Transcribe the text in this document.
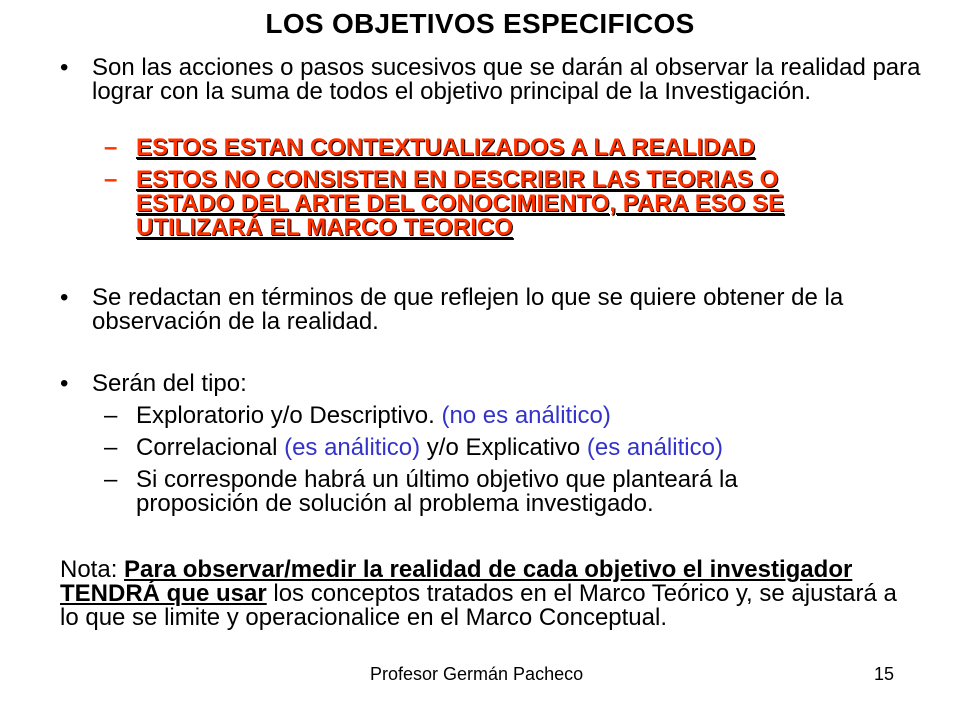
LOS OBJETIVOS ESPECIFICOS
• Son las acciones o pasos sucesivos que se darán al observar la realidad para lograr con la suma de todos el objetivo principal de la Investigación.
– ESTOS ESTAN CONTEXTUALIZADOS A LA REALIDAD
– ESTOS NO CONSISTEN EN DESCRIBIR LAS TEORIAS O ESTADO DEL ARTE DEL CONOCIMIENTO, PARA ESO SE UTILIZARÁ EL MARCO TEORICO
• Se redactan en términos de que reflejen lo que se quiere obtener de la observación de la realidad.
• Serán del tipo:
– Exploratorio y/o Descriptivo. (no es análitico)
– Correlacional (es análitico) y/o Explicativo (es análitico)
– Si corresponde habrá un último objetivo que planteará la proposición de solución al problema investigado.
Nota: Para observar/medir la realidad de cada objetivo el investigador TENDRÁ que usar los conceptos tratados en el Marco Teórico y, se ajustará a lo que se limite y operacionalice en el Marco Conceptual.
Profesor Germán Pacheco	15
